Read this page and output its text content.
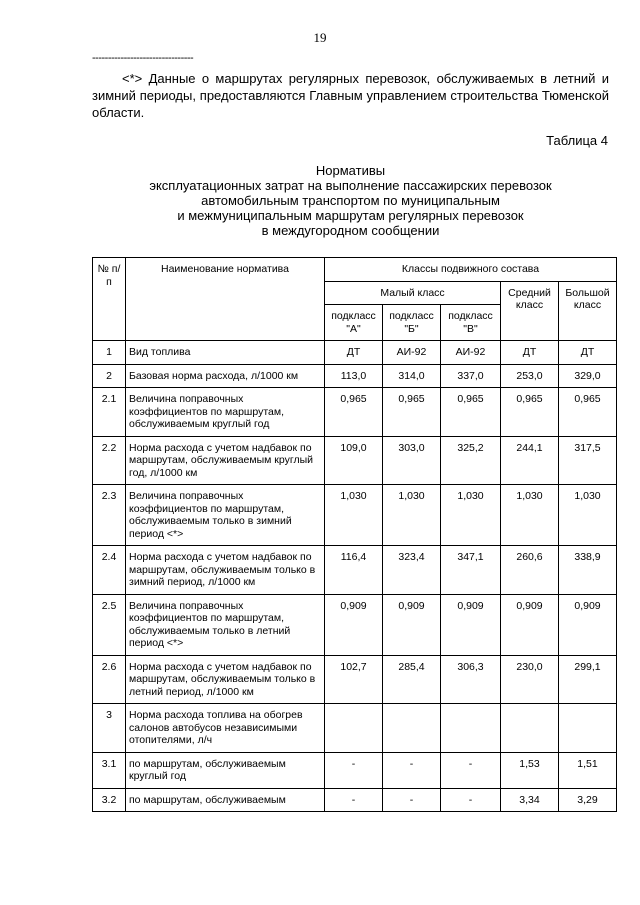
19
--------------------------------
<*> Данные о маршрутах регулярных перевозок, обслуживаемых в летний и зимний периоды, предоставляются Главным управлением строительства Тюменской области.
Таблица 4
Нормативы
эксплуатационных затрат на выполнение пассажирских перевозок
автомобильным транспортом по муниципальным
и межмуниципальным маршрутам регулярных перевозок
в междугородном сообщении
№ п/п	Наименование норматива	Классы подвижного состава				
		Малый класс			Средний класс	Большой класс
		подкласс "А"	подкласс "Б"	подкласс "В"		
1	Вид топлива	ДТ	АИ-92	АИ-92	ДТ	ДТ
2	Базовая норма расхода, л/1000 км	113,0	314,0	337,0	253,0	329,0
2.1	Величина поправочных коэффициентов по маршрутам, обслуживаемым круглый год	0,965	0,965	0,965	0,965	0,965
2.2	Норма расхода с учетом надбавок по маршрутам, обслуживаемым круглый год, л/1000 км	109,0	303,0	325,2	244,1	317,5
2.3	Величина поправочных коэффициентов по маршрутам, обслуживаемым только в зимний период <*>	1,030	1,030	1,030	1,030	1,030
2.4	Норма расхода с учетом надбавок по маршрутам, обслуживаемым только в зимний период, л/1000 км	116,4	323,4	347,1	260,6	338,9
2.5	Величина поправочных коэффициентов по маршрутам, обслуживаемым только в летний период <*>	0,909	0,909	0,909	0,909	0,909
2.6	Норма расхода с учетом надбавок по маршрутам, обслуживаемым только в летний период, л/1000 км	102,7	285,4	306,3	230,0	299,1
3	Норма расхода топлива на обогрев салонов автобусов независимыми отопителями, л/ч					
3.1	по маршрутам, обслуживаемым круглый год	-	-	-	1,53	1,51
3.2	по маршрутам, обслуживаемым	-	-	-	3,34	3,29
